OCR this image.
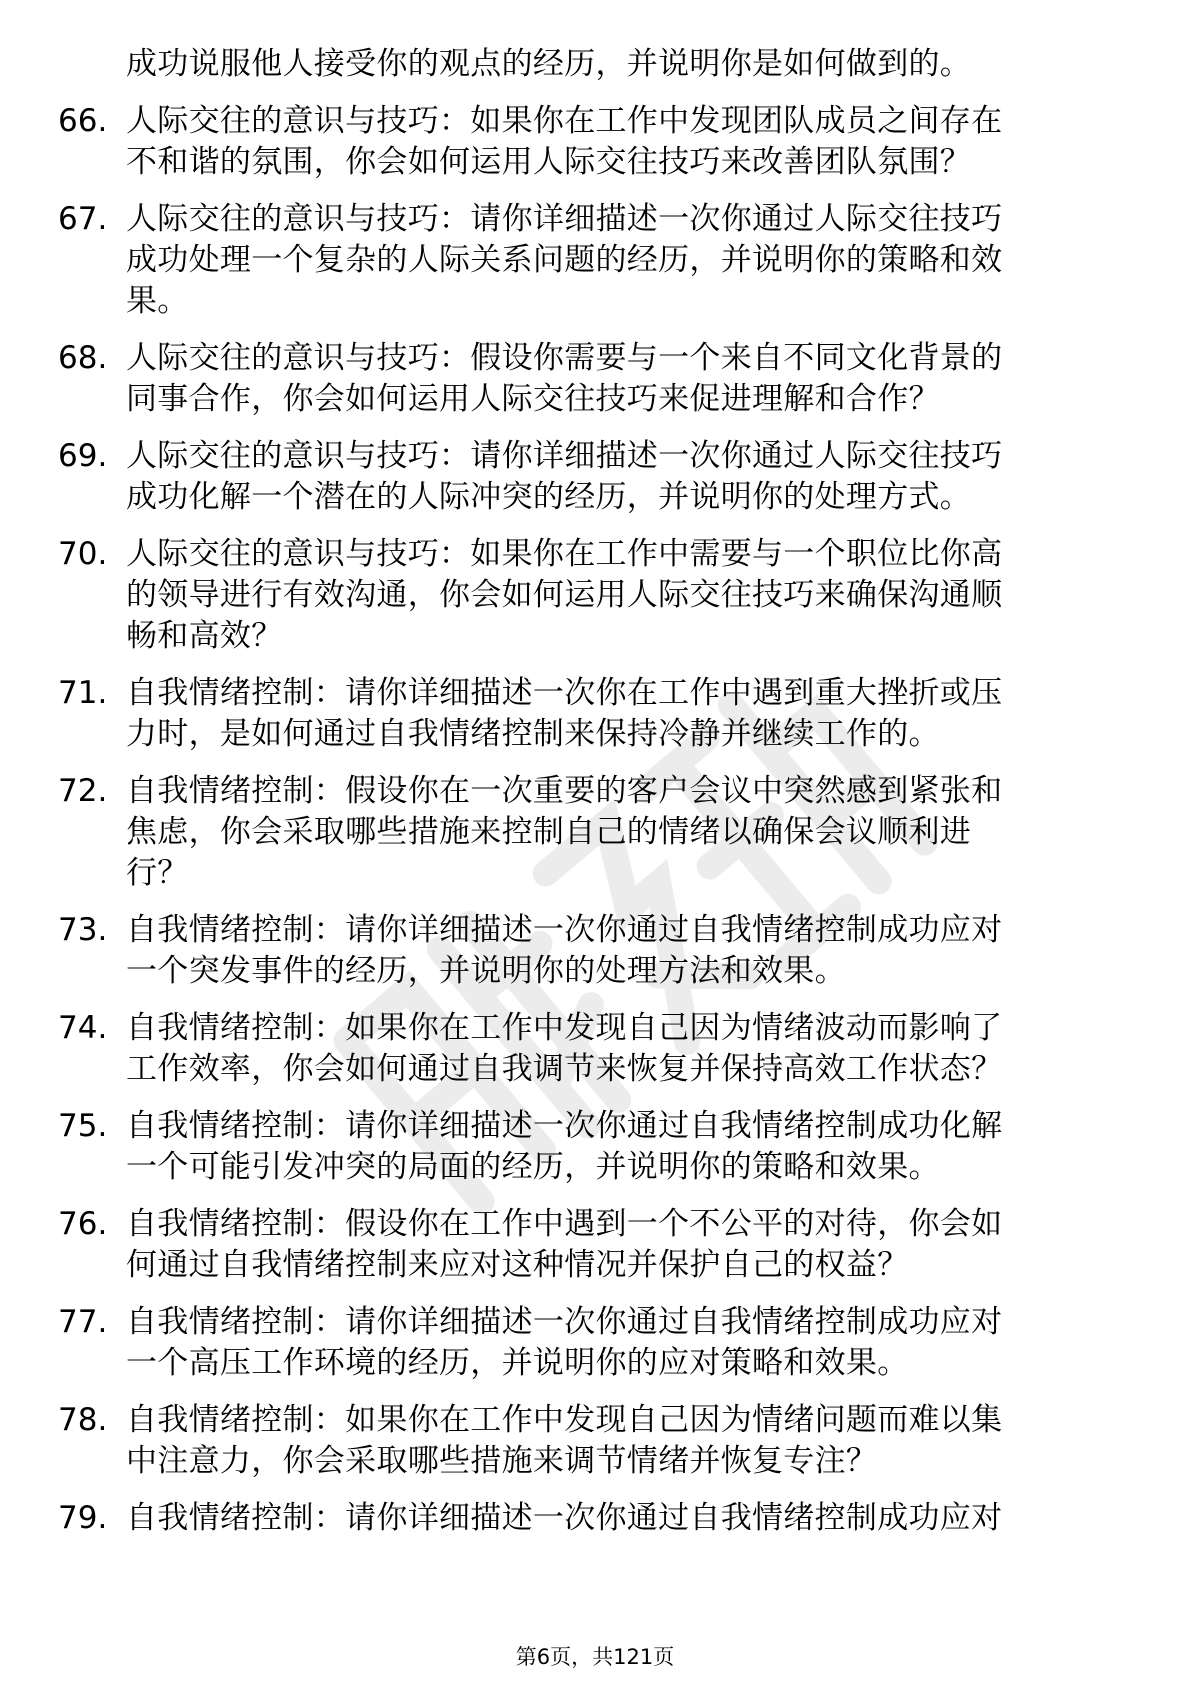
成功说服他人接受你的观点的经历，并说明你是如何做到的。
66. 人际交往的意识与技巧：如果你在工作中发现团队成员之间存在
不和谐的氛围，你会如何运用人际交往技巧来改善团队氛围？
67. 人际交往的意识与技巧：请你详细描述一次你通过人际交往技巧
成功处理一个复杂的人际关系问题的经历，并说明你的策略和效
果。
68. 人际交往的意识与技巧：假设你需要与一个来自不同文化背景的
同事合作，你会如何运用人际交往技巧来促进理解和合作？
69. 人际交往的意识与技巧：请你详细描述一次你通过人际交往技巧
成功化解一个潜在的人际冲突的经历，并说明你的处理方式。
70. 人际交往的意识与技巧：如果你在工作中需要与一个职位比你高
的领导进行有效沟通，你会如何运用人际交往技巧来确保沟通顺
畅和高效？
71. 自我情绪控制：请你详细描述一次你在工作中遇到重大挫折或压
力时，是如何通过自我情绪控制来保持冷静并继续工作的。
72. 自我情绪控制：假设你在一次重要的客户会议中突然感到紧张和
焦虑，你会采取哪些措施来控制自己的情绪以确保会议顺利进
行？
73. 自我情绪控制：请你详细描述一次你通过自我情绪控制成功应对
一个突发事件的经历，并说明你的处理方法和效果。
74. 自我情绪控制：如果你在工作中发现自己因为情绪波动而影响了
工作效率，你会如何通过自我调节来恢复并保持高效工作状态？
75. 自我情绪控制：请你详细描述一次你通过自我情绪控制成功化解
一个可能引发冲突的局面的经历，并说明你的策略和效果。
76. 自我情绪控制：假设你在工作中遇到一个不公平的对待，你会如
何通过自我情绪控制来应对这种情况并保护自己的权益？
77. 自我情绪控制：请你详细描述一次你通过自我情绪控制成功应对
一个高压工作环境的经历，并说明你的应对策略和效果。
78. 自我情绪控制：如果你在工作中发现自己因为情绪问题而难以集
中注意力，你会采取哪些措施来调节情绪并恢复专注？
79. 自我情绪控制：请你详细描述一次你通过自我情绪控制成功应对
第6页，共121页
